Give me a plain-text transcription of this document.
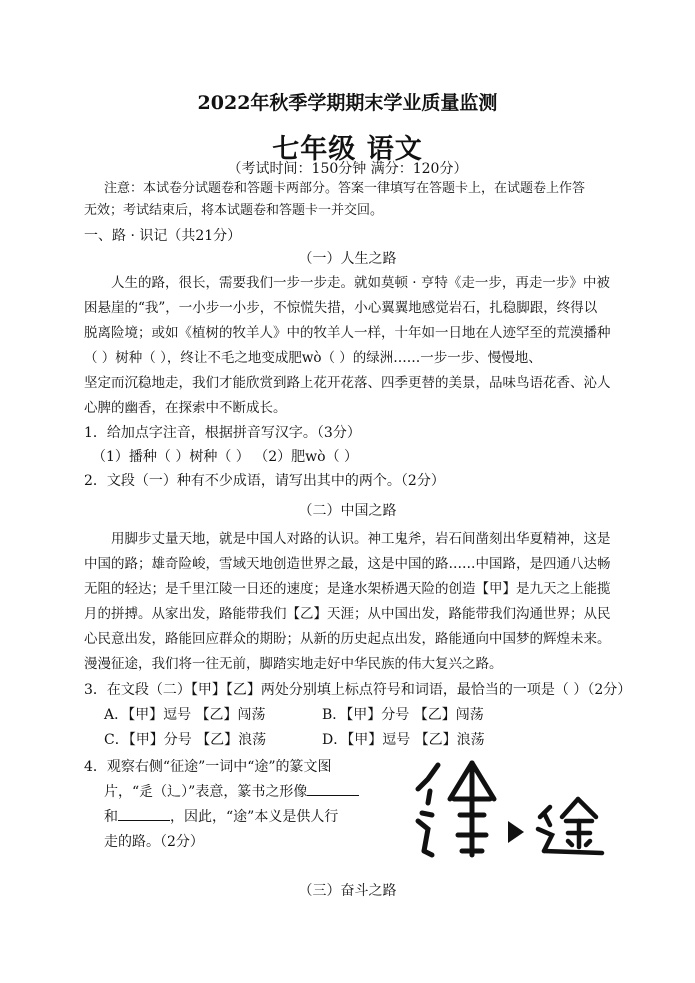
2022年秋季学期期末学业质量监测
七年级 语文
（考试时间：150分钟 满分：120分）
注意：本试卷分试题卷和答题卡两部分。答案一律填写在答题卡上，在试题卷上作答
无效；考试结束后，将本试题卷和答题卡一并交回。
一、路 · 识记（共21分）
（一）人生之路
人生的路，很长，需要我们一步一步走。就如莫顿 · 亨特《走一步，再走一步》中被
困悬崖的“我”，一小步一小步，不惊慌失措，小心翼翼地感觉岩石，扎稳脚跟，终得以
脱离险境；或如《植树的牧羊人》中的牧羊人一样，十年如一日地在人迹罕至的荒漠播种
（ ）树种（ ），终让不毛之地变成肥wò（ ）的绿洲……一步一步、慢慢地、
坚定而沉稳地走，我们才能欣赏到路上花开花落、四季更替的美景，品味鸟语花香、沁人
心脾的幽香，在探索中不断成长。
1．给加点字注音，根据拼音写汉字。（3分）
（1）播种（ ）树种（ ） （2）肥wò（ ）
2．文段（一）种有不少成语，请写出其中的两个。（2分）
（二）中国之路
用脚步丈量天地，就是中国人对路的认识。神工鬼斧，岩石间凿刻出华夏精神，这是
中国的路；雄奇险峻，雪域天地创造世界之最，这是中国的路……中国路，是四通八达畅
无阻的轻达；是千里江陵一日还的速度；是逢水架桥遇天险的创造【甲】是九天之上能揽
月的拼搏。从家出发，路能带我们【乙】天涯；从中国出发，路能带我们沟通世界；从民
心民意出发，路能回应群众的期盼；从新的历史起点出发，路能通向中国梦的辉煌未来。
漫漫征途，我们将一往无前，脚踏实地走好中华民族的伟大复兴之路。
3．在文段（二）【甲】【乙】两处分别填上标点符号和词语，最恰当的一项是（ ）（2分）
A．【甲】逗号 【乙】闯荡	B．【甲】分号 【乙】闯荡
C．【甲】分号 【乙】浪荡	D．【甲】逗号 【乙】浪荡
4．观察右侧“征途”一词中“途”的篆文图
片，“辵（辶）”表意，篆书之形像
和	，因此，“途”本义是供人行
走的路。（2分）
（三）奋斗之路
